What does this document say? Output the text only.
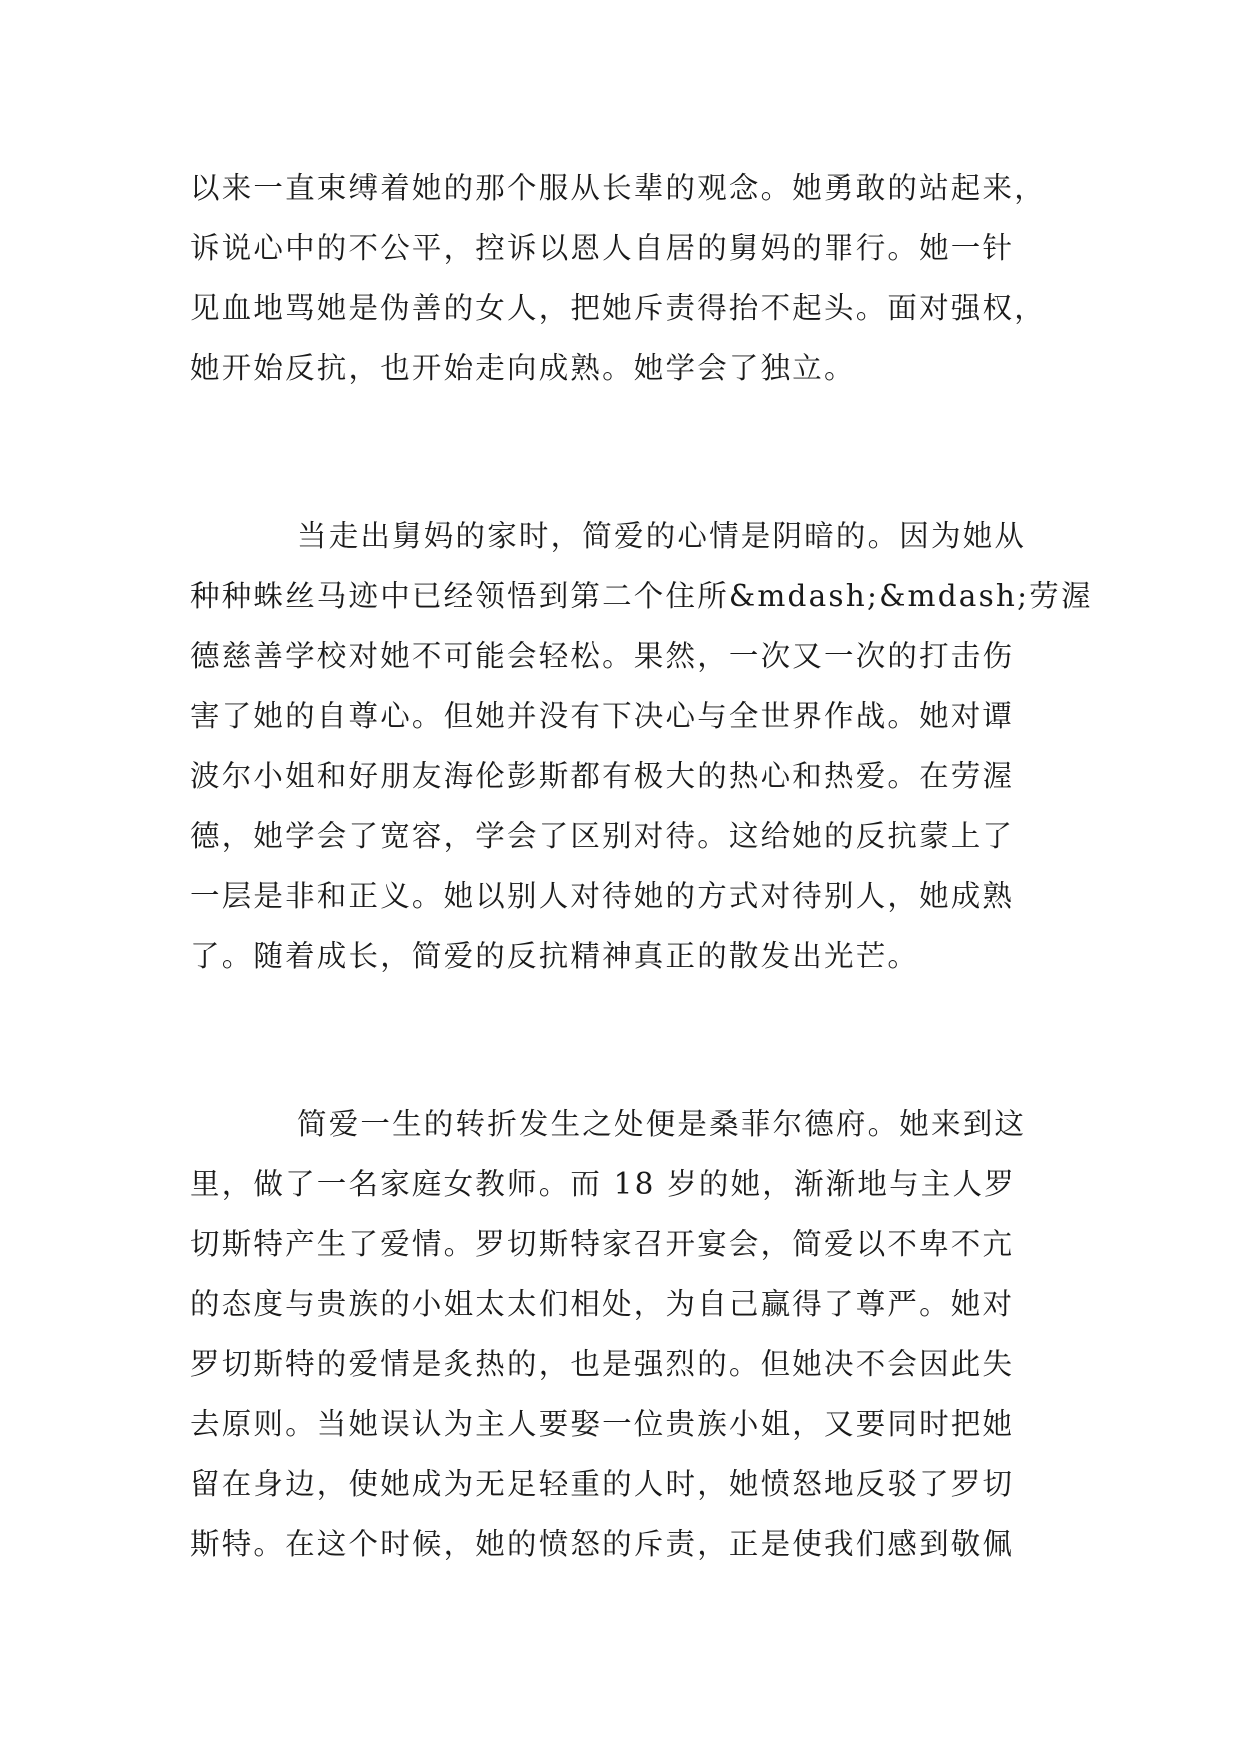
以来一直束缚着她的那个服从长辈的观念。她勇敢的站起来，
诉说心中的不公平，控诉以恩人自居的舅妈的罪行。她一针
见血地骂她是伪善的女人，把她斥责得抬不起头。面对强权，
她开始反抗，也开始走向成熟。她学会了独立。
当走出舅妈的家时，简爱的心情是阴暗的。因为她从
种种蛛丝马迹中已经领悟到第二个住所&mdash;&mdash;劳渥
德慈善学校对她不可能会轻松。果然，一次又一次的打击伤
害了她的自尊心。但她并没有下决心与全世界作战。她对谭
波尔小姐和好朋友海伦彭斯都有极大的热心和热爱。在劳渥
德，她学会了宽容，学会了区别对待。这给她的反抗蒙上了
一层是非和正义。她以别人对待她的方式对待别人，她成熟
了。随着成长，简爱的反抗精神真正的散发出光芒。
简爱一生的转折发生之处便是桑菲尔德府。她来到这
里，做了一名家庭女教师。而 18 岁的她，渐渐地与主人罗
切斯特产生了爱情。罗切斯特家召开宴会，简爱以不卑不亢
的态度与贵族的小姐太太们相处，为自己赢得了尊严。她对
罗切斯特的爱情是炙热的，也是强烈的。但她决不会因此失
去原则。当她误认为主人要娶一位贵族小姐，又要同时把她
留在身边，使她成为无足轻重的人时，她愤怒地反驳了罗切
斯特。在这个时候，她的愤怒的斥责，正是使我们感到敬佩
